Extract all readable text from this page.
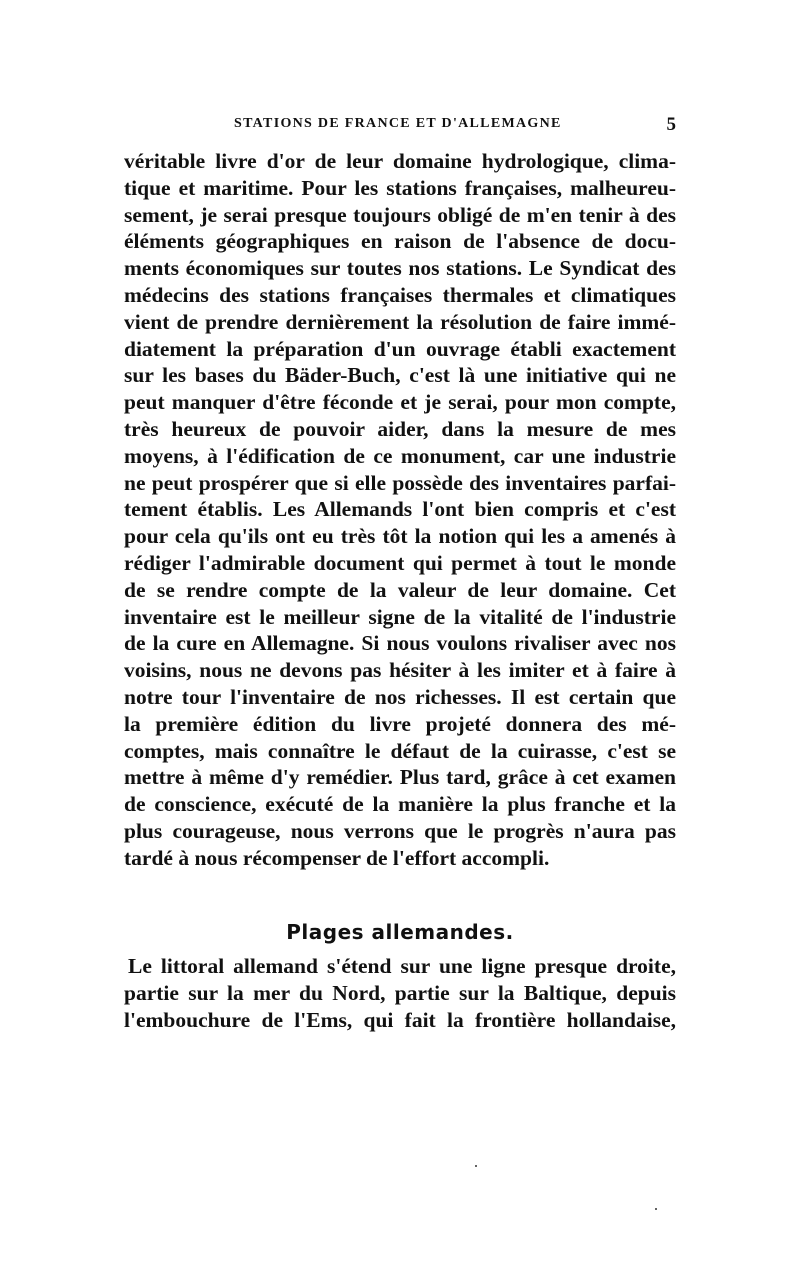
STATIONS DE FRANCE ET D'ALLEMAGNE	5
véritable livre d'or de leur domaine hydrologique, clima-
tique et maritime. Pour les stations françaises, malheureu-
sement, je serai presque toujours obligé de m'en tenir à des
éléments géographiques en raison de l'absence de docu-
ments économiques sur toutes nos stations. Le Syndicat des
médecins des stations françaises thermales et climatiques
vient de prendre dernièrement la résolution de faire immé-
diatement la préparation d'un ouvrage établi exactement
sur les bases du Bäder-Buch, c'est là une initiative qui ne
peut manquer d'être féconde et je serai, pour mon compte,
très heureux de pouvoir aider, dans la mesure de mes
moyens, à l'édification de ce monument, car une industrie
ne peut prospérer que si elle possède des inventaires parfai-
tement établis. Les Allemands l'ont bien compris et c'est
pour cela qu'ils ont eu très tôt la notion qui les a amenés à
rédiger l'admirable document qui permet à tout le monde
de se rendre compte de la valeur de leur domaine. Cet
inventaire est le meilleur signe de la vitalité de l'industrie
de la cure en Allemagne. Si nous voulons rivaliser avec nos
voisins, nous ne devons pas hésiter à les imiter et à faire à
notre tour l'inventaire de nos richesses. Il est certain que
la première édition du livre projeté donnera des mé-
comptes, mais connaître le défaut de la cuirasse, c'est se
mettre à même d'y remédier. Plus tard, grâce à cet examen
de conscience, exécuté de la manière la plus franche et la
plus courageuse, nous verrons que le progrès n'aura pas
tardé à nous récompenser de l'effort accompli.
Plages allemandes.
Le littoral allemand s'étend sur une ligne presque droite,
partie sur la mer du Nord, partie sur la Baltique, depuis
l'embouchure de l'Ems, qui fait la frontière hollandaise,
